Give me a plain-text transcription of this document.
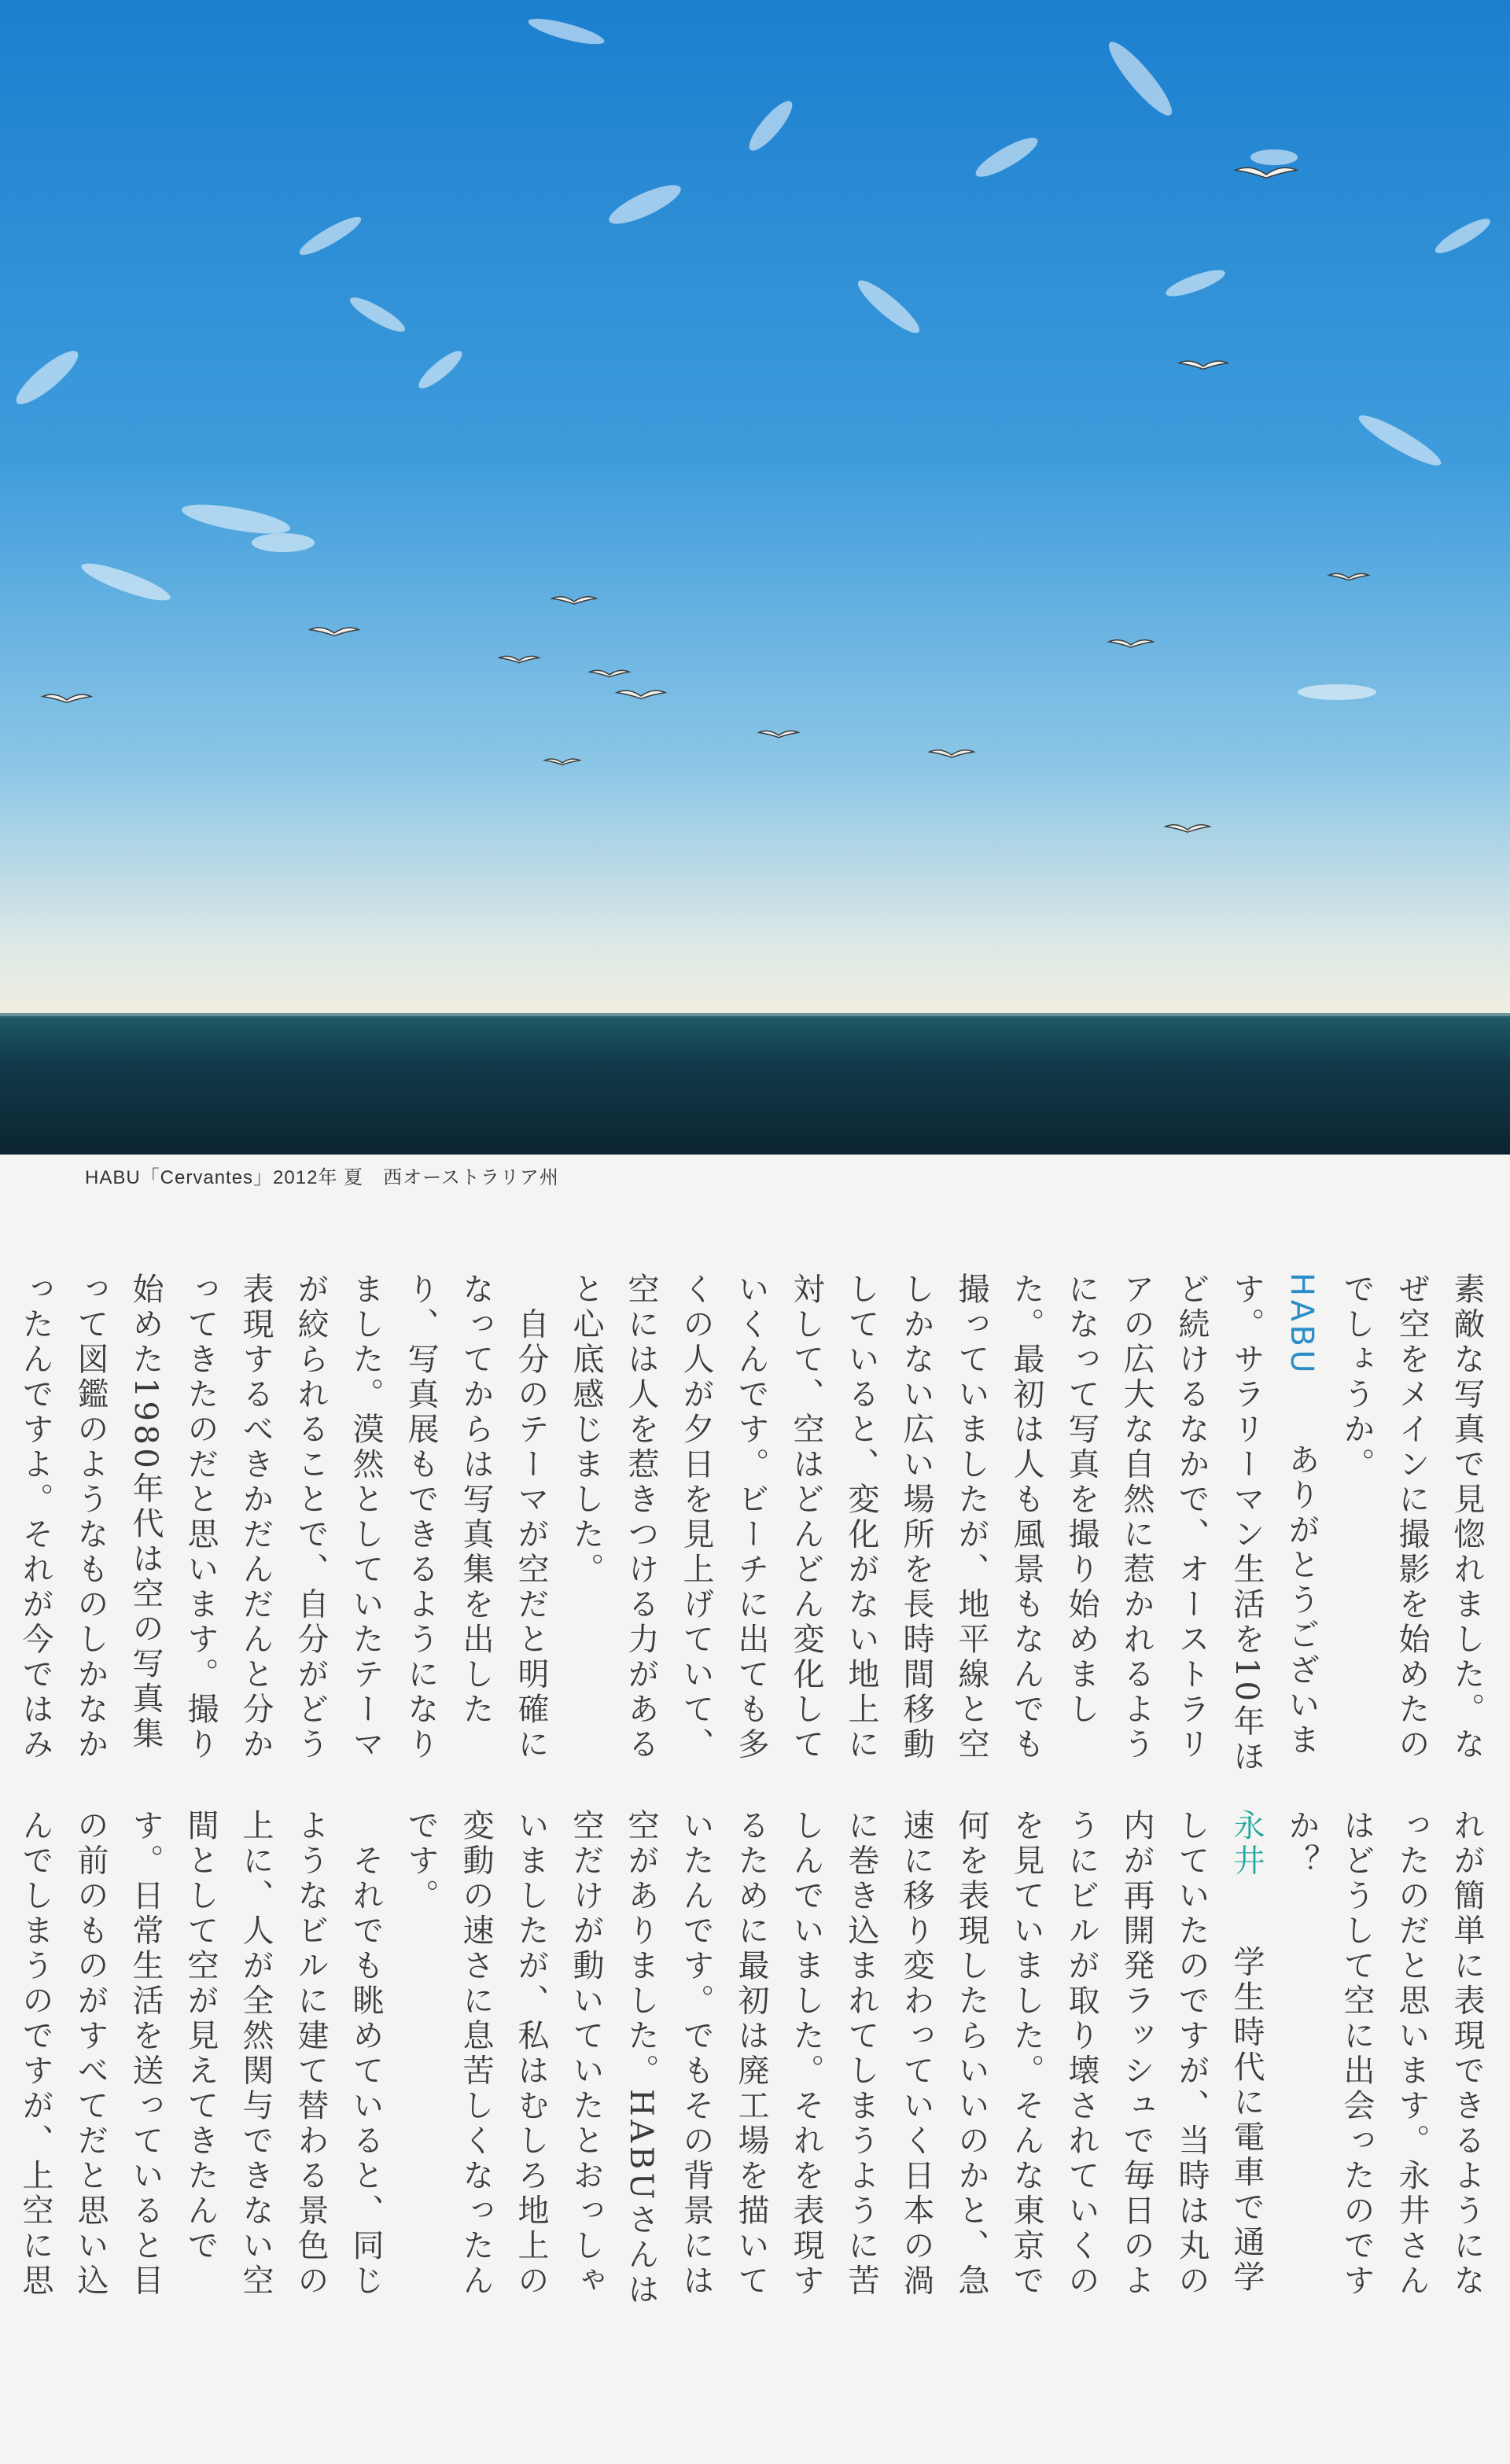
HABU「Cervantes」2012年 夏　西オーストラリア州

素敵な写真で見惚れました。なぜ空をメインに撮影を始めたのでしょうか。

HABU　ありがとうございます。サラリーマン生活を10年ほど続けるなかで、オーストラリアの広大な自然に惹かれるようになって写真を撮り始めました。最初は人も風景もなんでも撮っていましたが、地平線と空しかない広い場所を長時間移動していると、変化がない地上に対して、空はどんどん変化していくんです。ビーチに出ても多くの人が夕日を見上げていて、空には人を惹きつける力があると心底感じました。

　自分のテーマが空だと明確になってからは写真集を出したり、写真展もできるようになりました。漠然としていたテーマが絞られることで、自分がどう表現するべきかだんだんと分かってきたのだと思います。撮り始めた1980年代は空の写真集って図鑑のようなものしかなかったんですよ。それが今ではみ

れが簡単に表現できるようになったのだと思います。永井さんはどうして空に出会ったのですか？

永井　学生時代に電車で通学していたのですが、当時は丸の内が再開発ラッシュで毎日のようにビルが取り壊されていくのを見ていました。そんな東京で何を表現したらいいのかと、急速に移り変わっていく日本の渦に巻き込まれてしまうように苦しんでいました。それを表現するために最初は廃工場を描いていたんです。でもその背景には空がありました。HABUさんは空だけが動いていたとおっしゃいましたが、私はむしろ地上の変動の速さに息苦しくなったんです。

　それでも眺めていると、同じようなビルに建て替わる景色の上に、人が全然関与できない空間として空が見えてきたんです。日常生活を送っていると目の前のものがすべてだと思い込んでしまうのですが、上空に思
